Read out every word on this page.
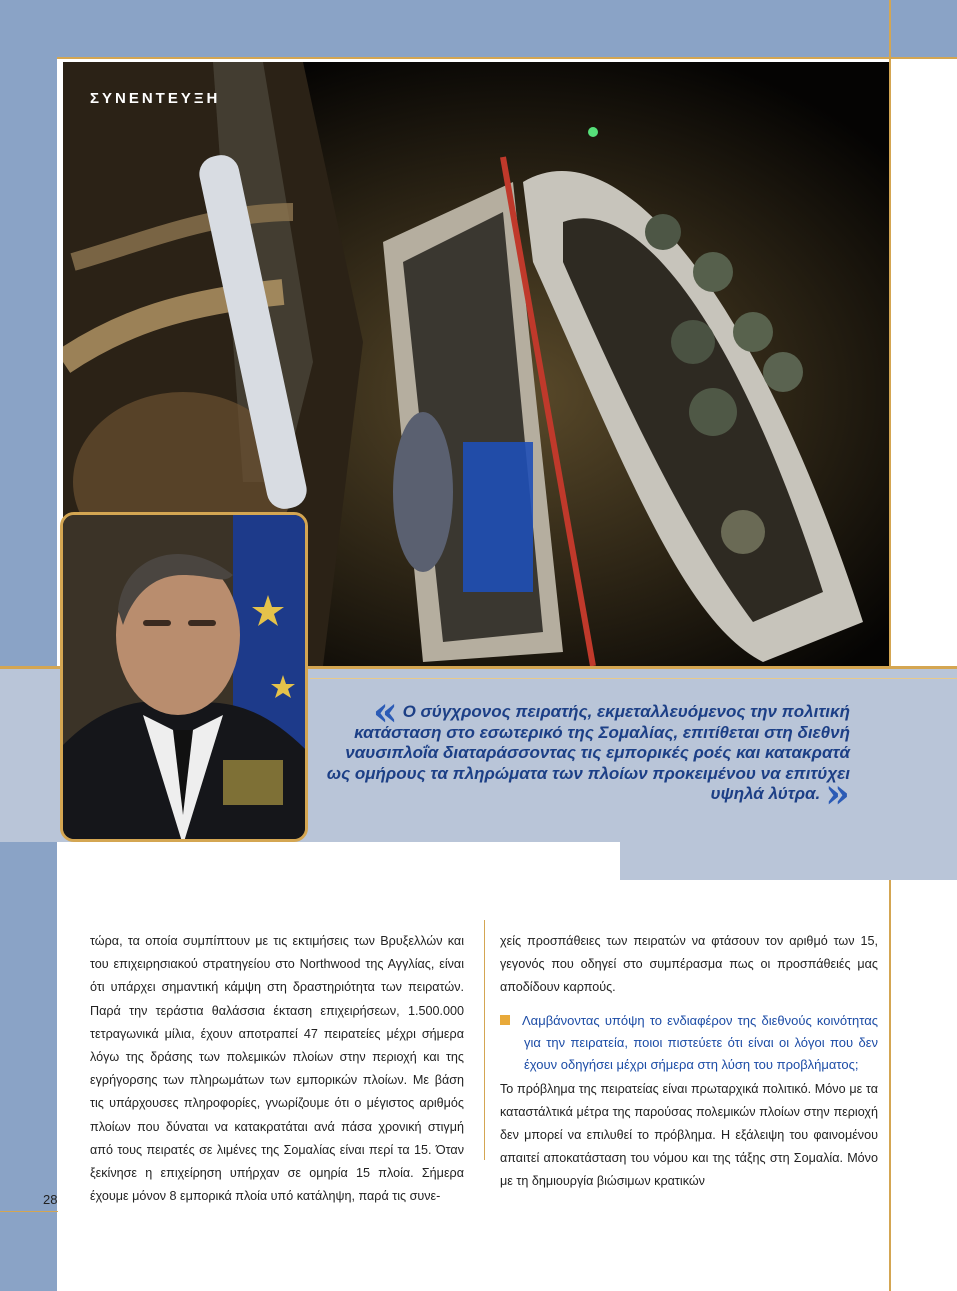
ΣΥΝΕΝΤΕΥΞΗ
« Ο σύγχρονος πειρατής, εκμεταλλευόμενος την πολιτική κατάσταση στο εσωτερικό της Σομαλίας, επιτίθεται στη διεθνή ναυσιπλοΐα διαταράσσοντας τις εμπορικές ροές και κατακρατά ως ομήρους τα πληρώματα των πλοίων προκειμένου να επιτύχει υψηλά λύτρα. »
τώρα, τα οποία συμπίπτουν με τις εκτιμήσεις των Βρυξελλών και του επιχειρησιακού στρατηγείου στο Northwood της Αγγλίας, είναι ότι υπάρχει σημαντική κάμψη στη δραστηριότητα των πειρατών. Παρά την τεράστια θαλάσσια έκταση επιχειρήσεων, 1.500.000 τετραγωνικά μίλια, έχουν αποτραπεί 47 πειρατείες μέχρι σήμερα λόγω της δράσης των πολεμικών πλοίων στην περιοχή και της εγρήγορσης των πληρωμάτων των εμπορικών πλοίων. Με βάση τις υπάρχουσες πληροφορίες, γνωρίζουμε ότι ο μέγιστος αριθμός πλοίων που δύναται να κατακρατάται ανά πάσα χρονική στιγμή από τους πειρατές σε λιμένες της Σομαλίας είναι περί τα 15. Όταν ξεκίνησε η επιχείρηση υπήρχαν σε ομηρία 15 πλοία. Σήμερα έχουμε μόνον 8 εμπορικά πλοία υπό κατάληψη, παρά τις συνε-
χείς προσπάθειες των πειρατών να φτάσουν τον αριθμό των 15, γεγονός που οδηγεί στο συμπέρασμα πως οι προσπάθειές μας αποδίδουν καρπούς.
Λαμβάνοντας υπόψη το ενδιαφέρον της διεθνούς κοινότητας για την πειρατεία, ποιοι πιστεύετε ότι είναι οι λόγοι που δεν έχουν οδηγήσει μέχρι σήμερα στη λύση του προβλήματος;
Το πρόβλημα της πειρατείας είναι πρωταρχικά πολιτικό. Μόνο με τα καταστάλτικά μέτρα της παρούσας πολεμικών πλοίων στην περιοχή δεν μπορεί να επιλυθεί το πρόβλημα. Η εξάλειψη του φαινομένου απαιτεί αποκατάσταση του νόμου και της τάξης στη Σομαλία. Μόνο με τη δημιουργία βιώσιμων κρατικών
28
